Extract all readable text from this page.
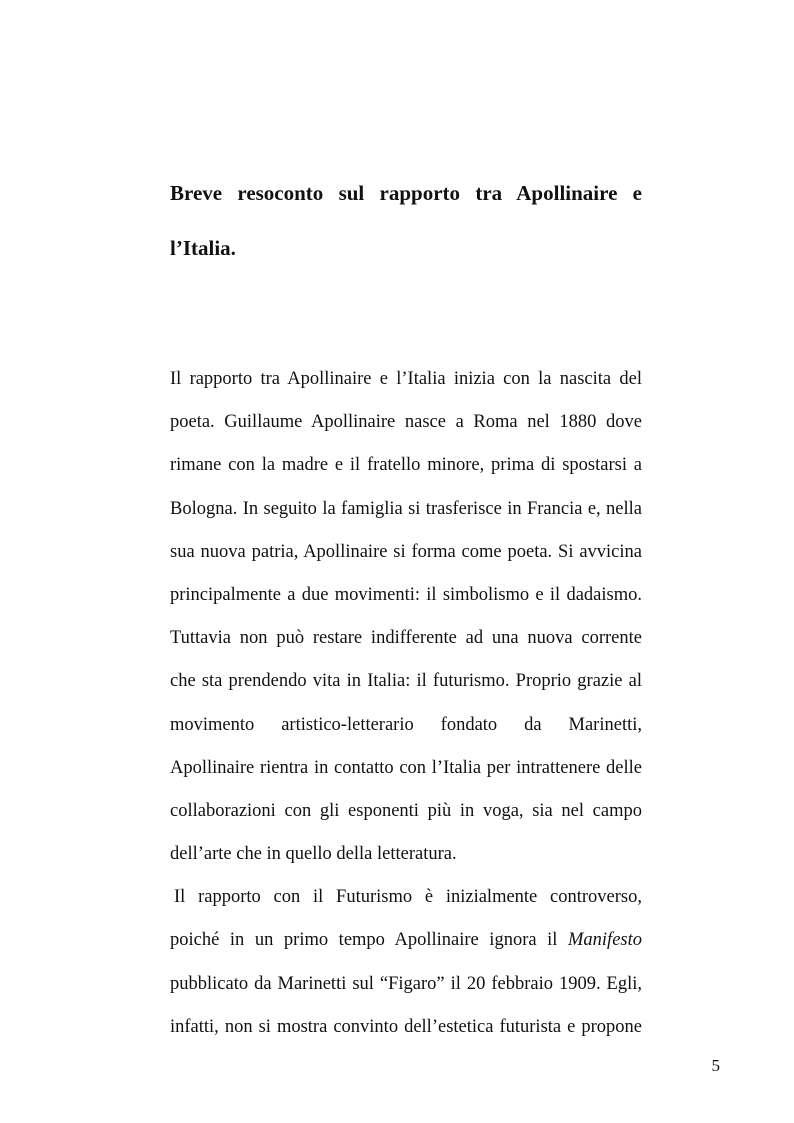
Breve resoconto sul rapporto tra Apollinaire e l’Italia.
Il rapporto tra Apollinaire e l’Italia inizia con la nascita del
poeta. Guillaume Apollinaire nasce a Roma nel 1880 dove
rimane con la madre e il fratello minore, prima di spostarsi a
Bologna. In seguito la famiglia si trasferisce in Francia e, nella
sua nuova patria, Apollinaire si forma come poeta. Si avvicina
principalmente a due movimenti: il simbolismo e il dadaismo.
Tuttavia non può restare indifferente ad una nuova corrente
che sta prendendo vita in Italia: il futurismo. Proprio grazie al
movimento artistico-letterario fondato da Marinetti,
Apollinaire rientra in contatto con l’Italia per intrattenere delle
collaborazioni con gli esponenti più in voga, sia nel campo
dell’arte che in quello della letteratura.
Il rapporto con il Futurismo è inizialmente controverso,
poiché in un primo tempo Apollinaire ignora il Manifesto
pubblicato da Marinetti sul “Figaro” il 20 febbraio 1909. Egli,
infatti, non si mostra convinto dell’estetica futurista e propone
5
